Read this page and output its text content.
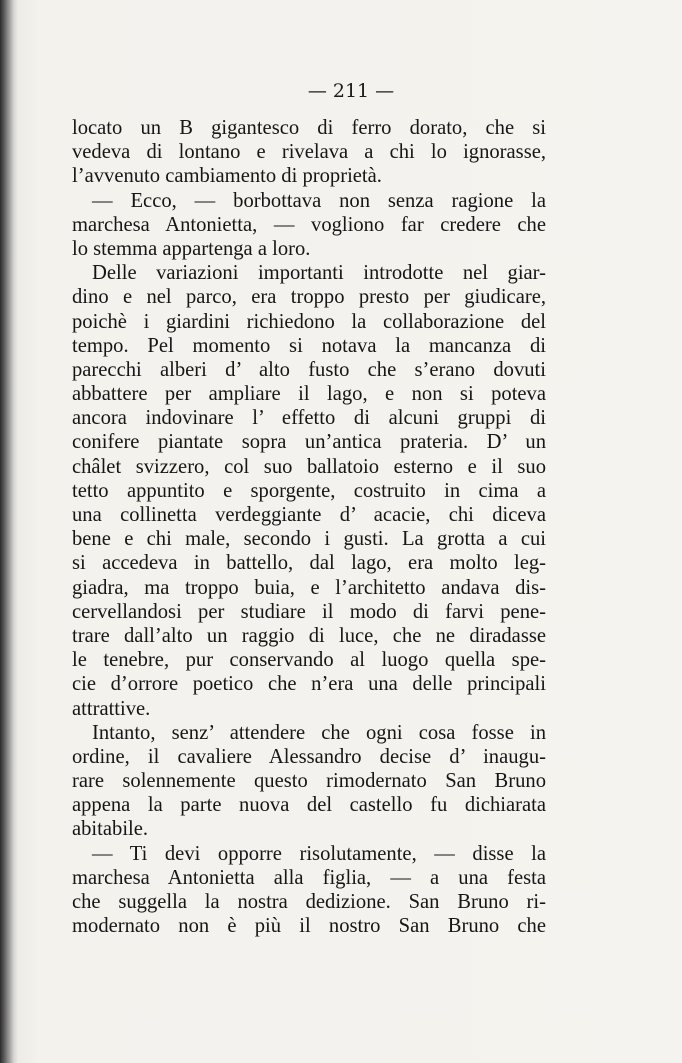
— 211 —
locato un B gigantesco di ferro dorato, che si
vedeva di lontano e rivelava a chi lo ignorasse,
l’avvenuto cambiamento di proprietà.
— Ecco, — borbottava non senza ragione la
marchesa Antonietta, — vogliono far credere che
lo stemma appartenga a loro.
Delle variazioni importanti introdotte nel giar-
dino e nel parco, era troppo presto per giudicare,
poichè i giardini richiedono la collaborazione del
tempo. Pel momento si notava la mancanza di
parecchi alberi d’ alto fusto che s’erano dovuti
abbattere per ampliare il lago, e non si poteva
ancora indovinare l’ effetto di alcuni gruppi di
conifere piantate sopra un’antica prateria. D’ un
châlet svizzero, col suo ballatoio esterno e il suo
tetto appuntito e sporgente, costruito in cima a
una collinetta verdeggiante d’ acacie, chi diceva
bene e chi male, secondo i gusti. La grotta a cui
si accedeva in battello, dal lago, era molto leg-
giadra, ma troppo buia, e l’architetto andava dis-
cervellandosi per studiare il modo di farvi pene-
trare dall’alto un raggio di luce, che ne diradasse
le tenebre, pur conservando al luogo quella spe-
cie d’orrore poetico che n’era una delle principali
attrattive.
Intanto, senz’ attendere che ogni cosa fosse in
ordine, il cavaliere Alessandro decise d’ inaugu-
rare solennemente questo rimodernato San Bruno
appena la parte nuova del castello fu dichiarata
abitabile.
— Ti devi opporre risolutamente, — disse la
marchesa Antonietta alla figlia, — a una festa
che suggella la nostra dedizione. San Bruno ri-
modernato non è più il nostro San Bruno che
